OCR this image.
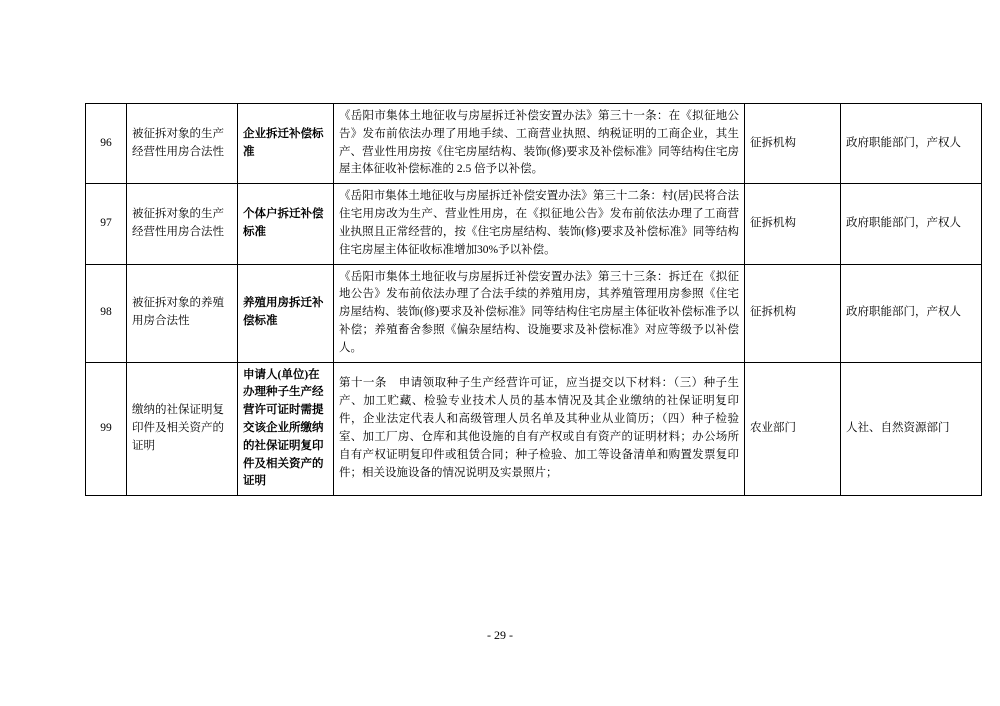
96	被征拆对象的生产经营性用房合法性	企业拆迁补偿标准	《岳阳市集体土地征收与房屋拆迁补偿安置办法》第三十一条：在《拟征地公告》发布前依法办理了用地手续、工商营业执照、纳税证明的工商企业，其生产、营业性用房按《住宅房屋结构、装饰(修)要求及补偿标准》同等结构住宅房屋主体征收补偿标准的 2.5 倍予以补偿。	征拆机构	政府职能部门，产权人
97	被征拆对象的生产经营性用房合法性	个体户拆迁补偿标准	《岳阳市集体土地征收与房屋拆迁补偿安置办法》第三十二条：村(居)民将合法住宅用房改为生产、营业性用房，在《拟征地公告》发布前依法办理了工商营业执照且正常经营的，按《住宅房屋结构、装饰(修)要求及补偿标准》同等结构住宅房屋主体征收标准增加30%予以补偿。	征拆机构	政府职能部门，产权人
98	被征拆对象的养殖用房合法性	养殖用房拆迁补偿标准	《岳阳市集体土地征收与房屋拆迁补偿安置办法》第三十三条：拆迁在《拟征地公告》发布前依法办理了合法手续的养殖用房，其养殖管理用房参照《住宅房屋结构、装饰(修)要求及补偿标准》同等结构住宅房屋主体征收补偿标准予以补偿；养殖畜舍参照《偏杂屋结构、设施要求及补偿标准》对应等级予以补偿人。	征拆机构	政府职能部门，产权人
99	缴纳的社保证明复印件及相关资产的证明	申请人(单位)在办理种子生产经营许可证时需提交该企业所缴纳的社保证明复印件及相关资产的证明	第十一条　申请领取种子生产经营许可证，应当提交以下材料：（三）种子生产、加工贮藏、检验专业技术人员的基本情况及其企业缴纳的社保证明复印件，企业法定代表人和高级管理人员名单及其种业从业简历；（四）种子检验室、加工厂房、仓库和其他设施的自有产权或自有资产的证明材料；办公场所自有产权证明复印件或租赁合同；种子检验、加工等设备清单和购置发票复印件；相关设施设备的情况说明及实景照片；	农业部门	人社、自然资源部门
- 29 -
